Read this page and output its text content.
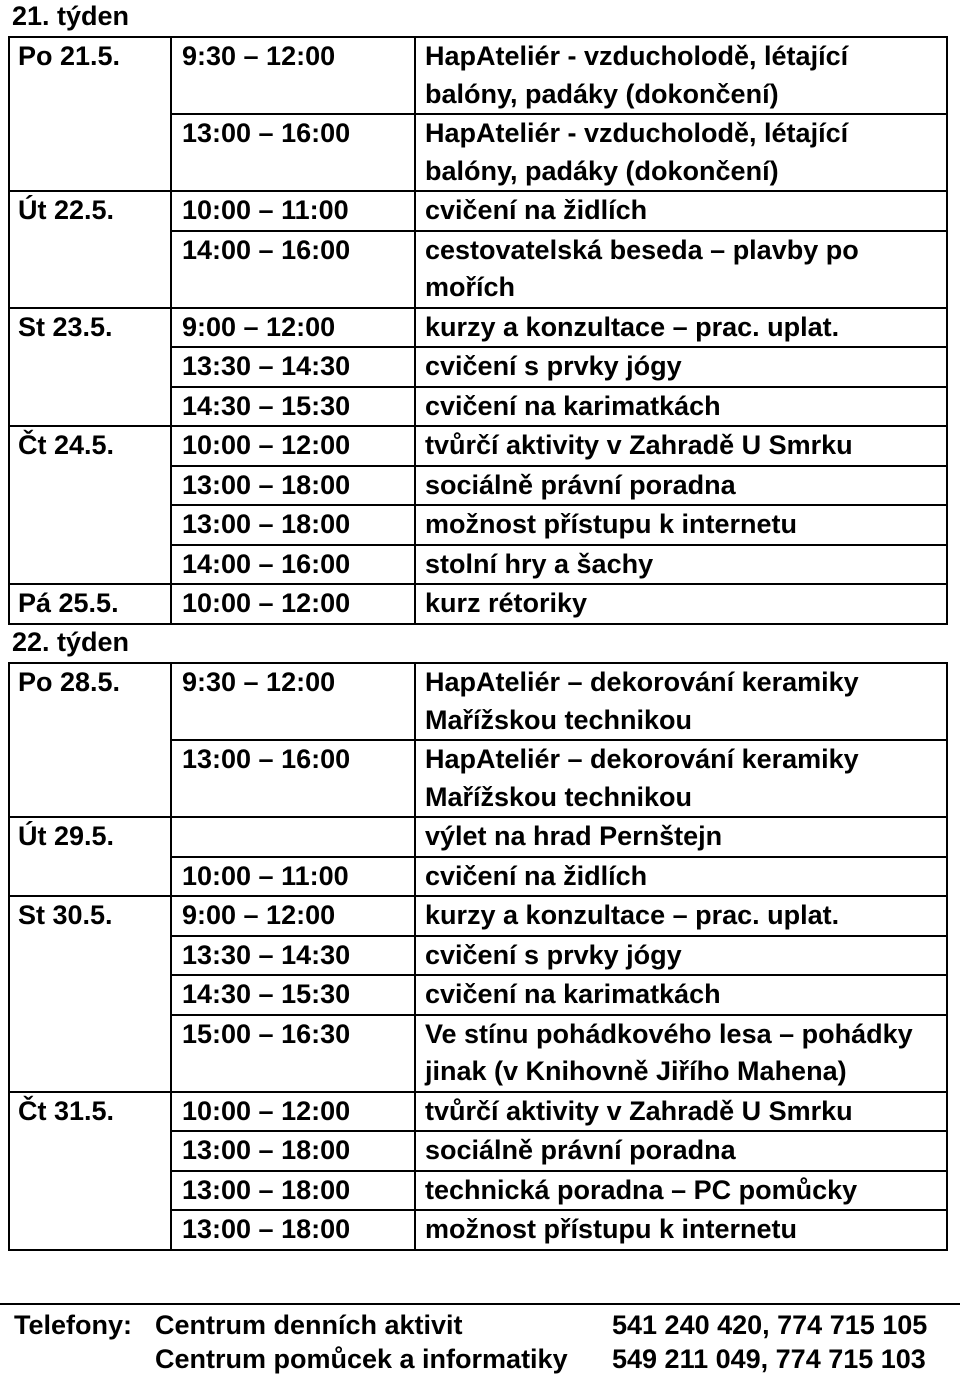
21. týden
Po 21.5.	9:30 – 12:00	HapAteliér - vzducholodě, létající balóny, padáky (dokončení)
	13:00 – 16:00	HapAteliér - vzducholodě, létající balóny, padáky (dokončení)
Út 22.5.	10:00 – 11:00	cvičení na židlích
	14:00 – 16:00	cestovatelská beseda – plavby po mořích
St 23.5.	9:00 – 12:00	kurzy a konzultace – prac. uplat.
	13:30 – 14:30	cvičení s prvky jógy
	14:30 – 15:30	cvičení na karimatkách
Čt 24.5.	10:00 – 12:00	tvůrčí aktivity v Zahradě U Smrku
	13:00 – 18:00	sociálně právní poradna
	13:00 – 18:00	možnost přístupu k internetu
	14:00 – 16:00	stolní hry a šachy
Pá 25.5.	10:00 – 12:00	kurz rétoriky
22. týden
Po 28.5.	9:30 – 12:00	HapAteliér – dekorování keramiky Mařížskou technikou
	13:00 – 16:00	HapAteliér – dekorování keramiky Mařížskou technikou
Út 29.5.		výlet na hrad Pernštejn
	10:00 – 11:00	cvičení na židlích
St 30.5.	9:00 – 12:00	kurzy a konzultace – prac. uplat.
	13:30 – 14:30	cvičení s prvky jógy
	14:30 – 15:30	cvičení na karimatkách
	15:00 – 16:30	Ve stínu pohádkového lesa – pohádky jinak (v Knihovně Jiřího Mahena)
Čt 31.5.	10:00 – 12:00	tvůrčí aktivity v Zahradě U Smrku
	13:00 – 18:00	sociálně právní poradna
	13:00 – 18:00	technická poradna – PC pomůcky
	13:00 – 18:00	možnost přístupu k internetu
Telefony: Centrum denních aktivit	541 240 420, 774 715 105
Centrum pomůcek a informatiky 549 211 049, 774 715 103
